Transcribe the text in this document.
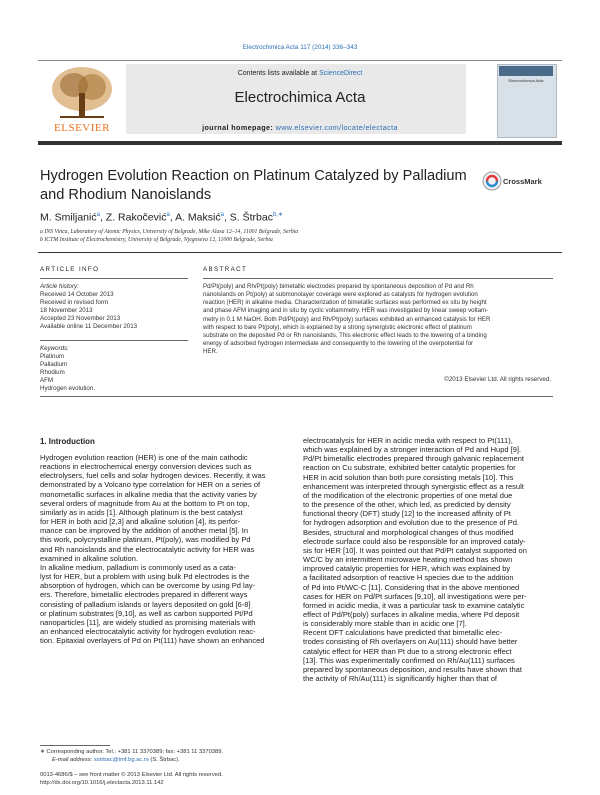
Electrochimica Acta 117 (2014) 336–343
Contents lists available at ScienceDirect
Electrochimica Acta
journal homepage: www.elsevier.com/locate/electacta
ELSEVIER
Electrochimica Acta
Hydrogen Evolution Reaction on Platinum Catalyzed by Palladium and Rhodium Nanoislands
CrossMark
M. Smiljanić$^a$, Z. Rakočević$^a$, A. Maksić$^a$, S. Štrbac$^{b,∗}$
a INS Vinca, Laboratory of Atomic Physics, University of Belgrade, Mike Alasa 12–14, 11001 Belgrade, Serbia
b ICTM Institute of Electrochemistry, University of Belgrade, Njegoseva 12, 11000 Belgrade, Serbia
ARTICLE INFO
Article history:
Received 14 October 2013
Received in revised form
18 November 2013
Accepted 23 November 2013
Available online 11 December 2013
Keywords:
Platinum
Palladium
Rhodium
AFM
Hydrogen evolution.
ABSTRACT
Pd/Pt(poly) and Rh/Pt(poly) bimetallic electrodes prepared by spontaneous deposition of Pd and Rh
nanoislands on Pt(poly) at submonolayer coverage were explored as catalysts for hydrogen evolution
reaction (HER) in alkaline media. Characterization of bimetallic surfaces was performed ex situ by height
and phase AFM imaging and in situ by cyclic voltammetry. HER was investigated by linear sweep voltam-
metry in 0.1 M NaOH. Both Pd/Pt(poly) and Rh/Pt(poly) surfaces exhibited an enhanced catalysis for HER
with respect to bare Pt(poly), which is explained by a strong synergistic electronic effect of platinum
substrate on the deposited Pd or Rh nanoislands. This electronic effect leads to the lowering of a binding
energy of adsorbed hydrogen intermediate and consequently to the lowering of the overpotential for
HER.
©2013 Elsevier Ltd. All rights reserved.
1. Introduction
Hydrogen evolution reaction (HER) is one of the main cathodic
reactions in electrochemical energy conversion devices such as
electrolysers, fuel cells and solar hydrogen devices. Recently, it was
demonstrated by a Volcano type correlation for HER on a series of
monometallic surfaces in alkaline media that the activity varies by
several orders of magnitude from Au at the bottom to Pt on top,
similarly as in acids [1]. Although platinum is the best catalyst
for HER in both acid [2,3] and alkaline solution [4], its perfor-
mance can be improved by the addition of another metal [5]. In
this work, polycrystalline platinum, Pt(poly), was modified by Pd
and Rh nanoislands and the electrocatalytic activity for HER was
examined in alkaline solution.
In alkaline medium, palladium is commonly used as a cata-
lyst for HER, but a problem with using bulk Pd electrodes is the
absorption of hydrogen, which can be overcome by using Pd lay-
ers. Therefore, bimetallic electrodes prepared in different ways
consisting of palladium islands or layers deposited on gold [6-8]
or platinum substrates [9,10], as well as carbon supported Pt/Pd
nanoparticles [11], are widely studied as promising materials with
an enhanced electrocatalytic activity for hydrogen evolution reac-
tion. Epitaxial overlayers of Pd on Pt(111) have shown an enhanced
electrocatalysis for HER in acidic media with respect to Pt(111),
which was explained by a stronger interaction of Pd and Hupd [9].
Pd/Pt bimetallic electrodes prepared through galvanic replacement
reaction on Cu substrate, exhibited better catalytic properties for
HER in acid solution than both pure consisting metals [10]. This
enhancement was interpreted through synergistic effect as a result
of the modification of the electronic properties of one metal due
to the presence of the other, which led, as predicted by density
functional theory (DFT) study [12] to the increased affinity of Pt
for hydrogen adsorption and evolution due to the presence of Pd.
Besides, structural and morphological changes of thus modified
electrode surface could also be responsible for an improved cataly-
sis for HER [10]. It was pointed out that Pd/Pt catalyst supported on
WC/C by an intermittent microwave heating method has shown
improved catalytic properties for HER, which was explained by
a facilitated adsorption of reactive H species due to the addition
of Pd into Pt/WC-C [11]. Considering that in the above mentioned
cases for HER on Pd/Pt surfaces [9,10], all investigations were per-
formed in acidic media, it was a particular task to examine catalytic
effect of Pd/Pt(poly) surfaces in alkaline media, where Pd deposit
is considerably more stable than in acidic one [7].
Recent DFT calculations have predicted that bimetallic elec-
trodes consisting of Rh overlayers on Au(111) should have better
catalytic effect for HER than Pt due to a strong electronic effect
[13]. This was experimentally confirmed on Rh/Au(111) surfaces
prepared by spontaneous deposition, and results have shown that
the activity of Rh/Au(111) is significantly higher than that of
∗ Corresponding author. Tel.: +381 11 3370389; fax: +381 11 3370389.
E-mail address: sstrbac@tmf.bg.ac.rs (S. Štrbac).
0013-4686/$ – see front matter © 2013 Elsevier Ltd. All rights reserved.
http://dx.doi.org/10.1016/j.electacta.2013.11.142
